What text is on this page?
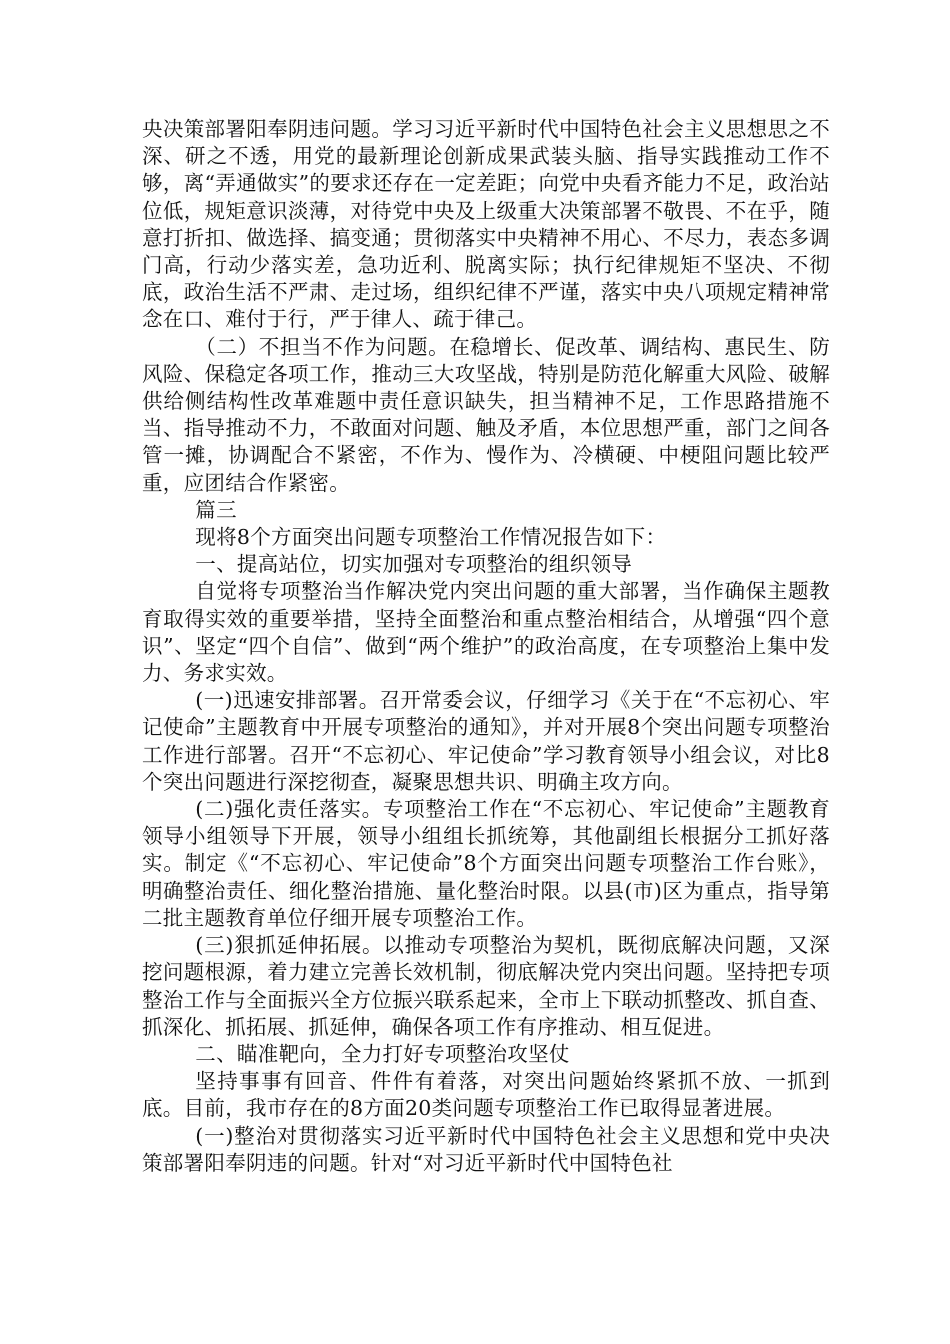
央决策部署阳奉阴违问题。学习习近平新时代中国特色社会主义思想思之不深、研之不透，用党的最新理论创新成果武装头脑、指导实践推动工作不够，离“弄通做实”的要求还存在一定差距；向党中央看齐能力不足，政治站位低，规矩意识淡薄，对待党中央及上级重大决策部署不敬畏、不在乎，随意打折扣、做选择、搞变通；贯彻落实中央精神不用心、不尽力，表态多调门高，行动少落实差，急功近利、脱离实际；执行纪律规矩不坚决、不彻底，政治生活不严肃、走过场，组织纪律不严谨，落实中央八项规定精神常念在口、难付于行，严于律人、疏于律己。

（二）不担当不作为问题。在稳增长、促改革、调结构、惠民生、防风险、保稳定各项工作，推动三大攻坚战，特别是防范化解重大风险、破解供给侧结构性改革难题中责任意识缺失，担当精神不足，工作思路措施不当、指导推动不力，不敢面对问题、触及矛盾，本位思想严重，部门之间各管一摊，协调配合不紧密，不作为、慢作为、冷横硬、中梗阻问题比较严重，应团结合作紧密。

篇三

现将8个方面突出问题专项整治工作情况报告如下：

一、提高站位，切实加强对专项整治的组织领导

自觉将专项整治当作解决党内突出问题的重大部署，当作确保主题教育取得实效的重要举措，坚持全面整治和重点整治相结合，从增强“四个意识”、坚定“四个自信”、做到“两个维护”的政治高度，在专项整治上集中发力、务求实效。

(一)迅速安排部署。召开常委会议，仔细学习《关于在“不忘初心、牢记使命”主题教育中开展专项整治的通知》，并对开展8个突出问题专项整治工作进行部署。召开“不忘初心、牢记使命”学习教育领导小组会议，对比8个突出问题进行深挖彻查，凝聚思想共识、明确主攻方向。

(二)强化责任落实。专项整治工作在“不忘初心、牢记使命”主题教育领导小组领导下开展，领导小组组长抓统筹，其他副组长根据分工抓好落实。制定《“不忘初心、牢记使命”8个方面突出问题专项整治工作台账》，明确整治责任、细化整治措施、量化整治时限。以县(市)区为重点，指导第二批主题教育单位仔细开展专项整治工作。

(三)狠抓延伸拓展。以推动专项整治为契机，既彻底解决问题，又深挖问题根源，着力建立完善长效机制，彻底解决党内突出问题。坚持把专项整治工作与全面振兴全方位振兴联系起来，全市上下联动抓整改、抓自查、抓深化、抓拓展、抓延伸，确保各项工作有序推动、相互促进。

二、瞄准靶向，全力打好专项整治攻坚仗

坚持事事有回音、件件有着落，对突出问题始终紧抓不放、一抓到底。目前，我市存在的8方面20类问题专项整治工作已取得显著进展。

(一)整治对贯彻落实习近平新时代中国特色社会主义思想和党中央决策部署阳奉阴违的问题。针对“对习近平新时代中国特色社
